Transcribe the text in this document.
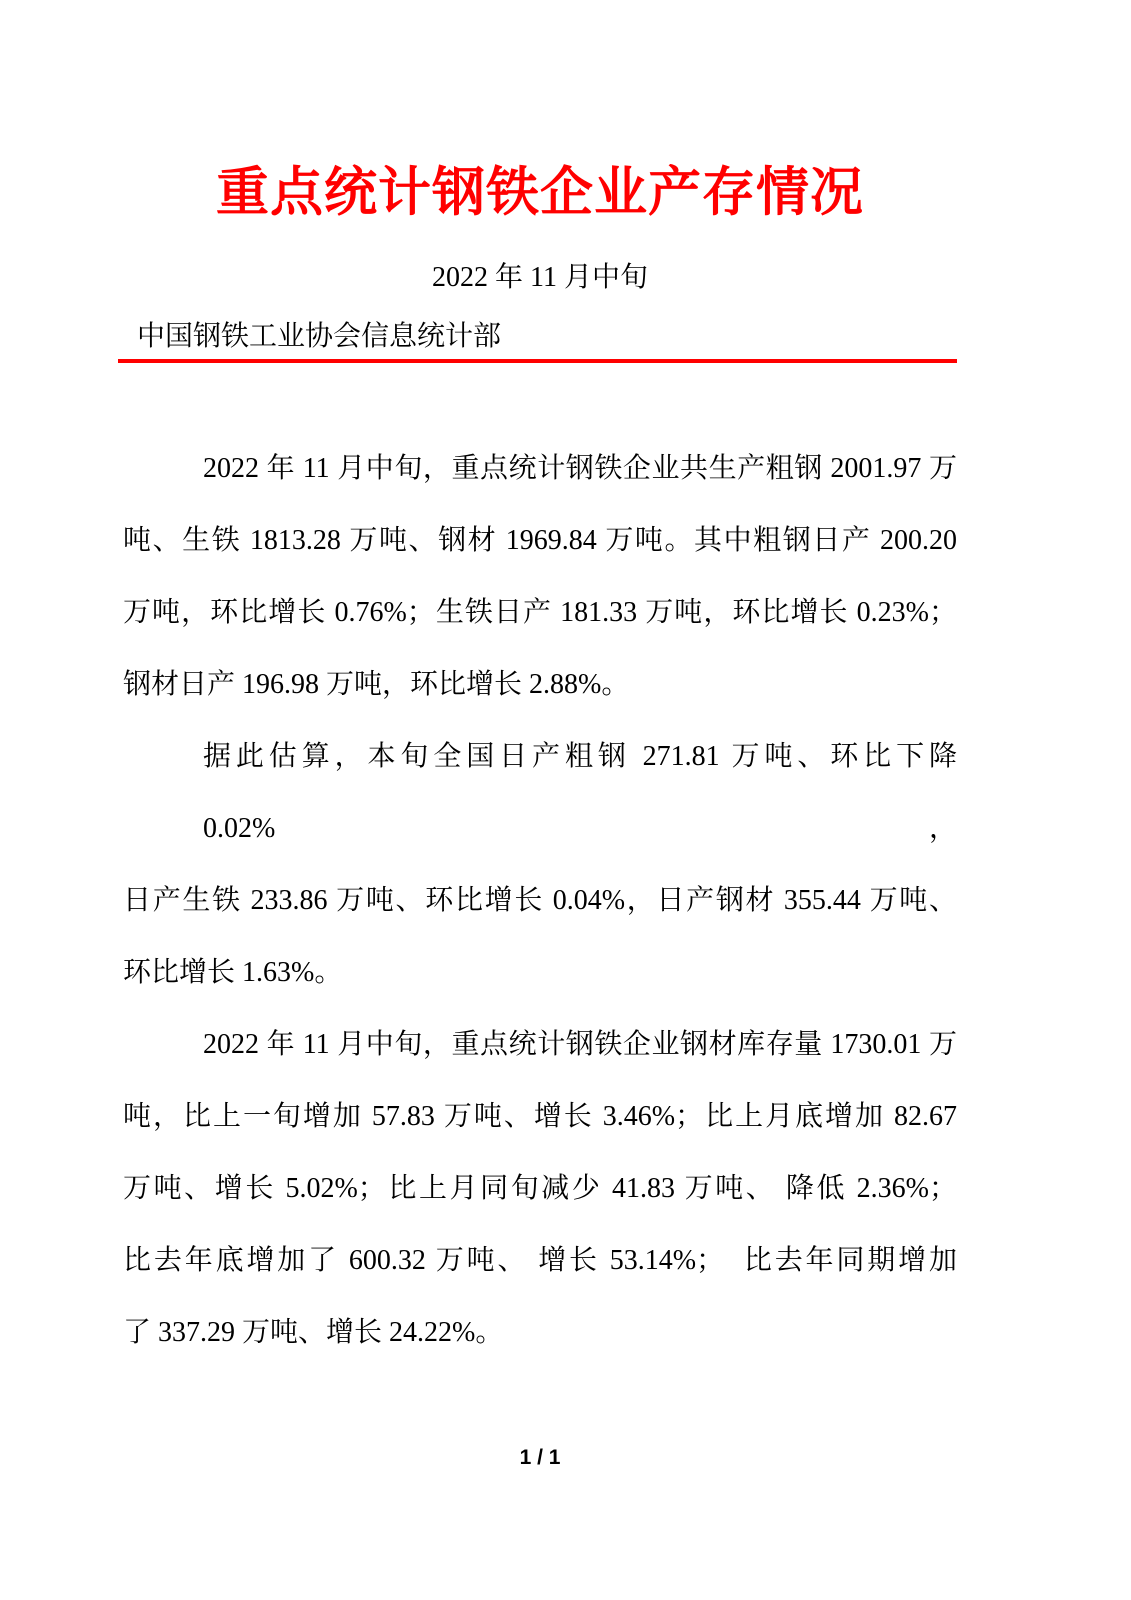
重点统计钢铁企业产存情况
2022 年 11 月中旬
中国钢铁工业协会信息统计部
2022 年 11 月中旬，重点统计钢铁企业共生产粗钢 2001.97 万
吨、生铁 1813.28 万吨、钢材 1969.84 万吨。其中粗钢日产 200.20
万吨，环比增长 0.76%；生铁日产 181.33 万吨，环比增长 0.23%；
钢材日产 196.98 万吨，环比增长 2.88%。
据此估算，本旬全国日产粗钢 271.81 万吨、环比下降 0.02%，
日产生铁 233.86 万吨、环比增长 0.04%，日产钢材 355.44 万吨、
环比增长 1.63%。
2022 年 11 月中旬，重点统计钢铁企业钢材库存量 1730.01 万
吨，比上一旬增加 57.83 万吨、增长 3.46%；比上月底增加 82.67
万吨、增长 5.02%；比上月同旬减少 41.83 万吨、 降低 2.36%；
比去年底增加了 600.32 万吨、 增长 53.14%；  比去年同期增加
了 337.29 万吨、增长 24.22%。
1 / 1
